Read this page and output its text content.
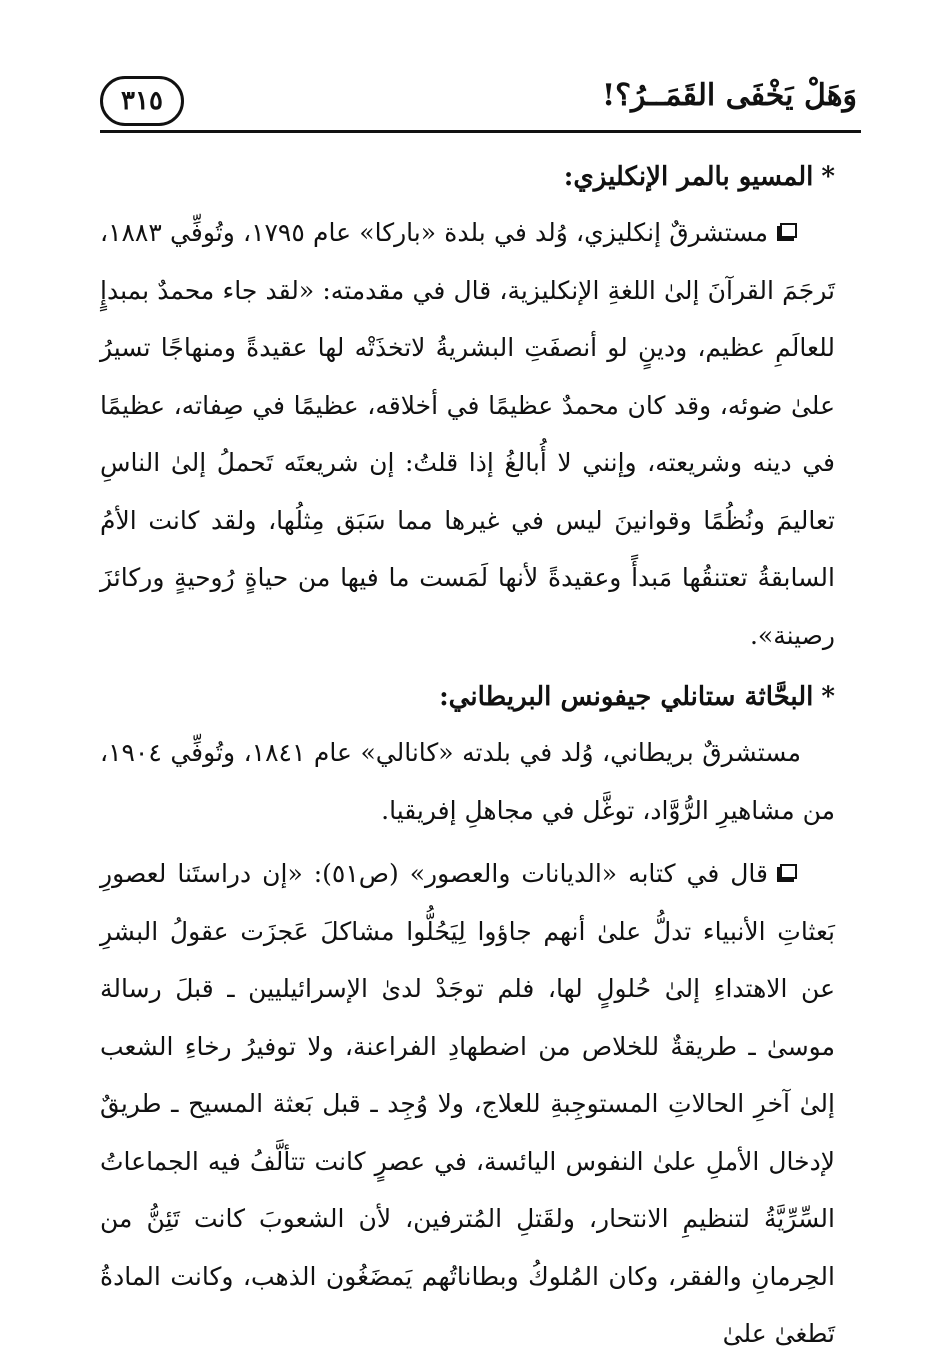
وَهَلْ يَخْفَى القَمَــرُ؟!
٣١٥

*المسيو بالمر الإنكليزي:

مستشرقٌ إنكليزي، وُلد في بلدة «باركا» عام ١٧٩٥، وتُوفِّي ١٨٨٣، تَرجَمَ القرآنَ إلىٰ اللغةِ الإنكليزية، قال في مقدمته: «لقد جاء محمدٌ بمبدإٍ للعالَمِ عظيم، ودينٍ لو أنصفَتِ البشريةُ لاتخذَتْه لها عقيدةً ومنهاجًا تسيرُ علىٰ ضوئه، وقد كان محمدٌ عظيمًا في أخلاقه، عظيمًا في صِفاته، عظيمًا في دينه وشريعته، وإنني لا أُبالغُ إذا قلتُ: إن شريعتَه تَحملُ إلىٰ الناسِ تعاليمَ ونُظُمًا وقوانينَ ليس في غيرها مما سَبَق مِثلُها، ولقد كانت الأمُ السابقةُ تعتنقُها مَبدأً وعقيدةً لأنها لَمَست ما فيها من حياةٍ رُوحيةٍ وركائزَ رصينة».

*البحَّاثة ستانلي جيفونس البريطاني:

مستشرقٌ بريطاني، وُلد في بلدته «كانالي» عام ١٨٤١، وتُوفِّي ١٩٠٤، من مشاهيرِ الرُّوَّاد، توغَّل في مجاهلِ إفريقيا.

قال في كتابه «الديانات والعصور» (ص٥١): «إن دراستَنا لعصورِ بَعثاتِ الأنبياء تدلُّ علىٰ أنهم جاؤوا لِيَحُلُّوا مشاكلَ عَجزَت عقولُ البشرِ عن الاهتداءِ إلىٰ حُلولٍ لها، فلم توجَدْ لدىٰ الإسرائيليين ـ قبلَ رسالة موسىٰ ـ طريقةٌ للخلاص من اضطهادِ الفراعنة، ولا توفيرُ رخاءِ الشعب إلىٰ آخرِ الحالاتِ المستوجِبةِ للعلاج، ولا وُجِد ـ قبل بَعثة المسيح ـ طريقٌ لإدخال الأملِ علىٰ النفوس اليائسة، في عصرٍ كانت تتألَّفُ فيه الجماعاتُ السِّرِّيَّةُ لتنظيمِ الانتحار، ولقَتلِ المُترفين، لأن الشعوبَ كانت تَئِنُّ من الحِرمانِ والفقر، وكان المُلوكُ وبطاناتُهم يَمضَغُون الذهب، وكانت المادةُ تَطغىٰ علىٰ
